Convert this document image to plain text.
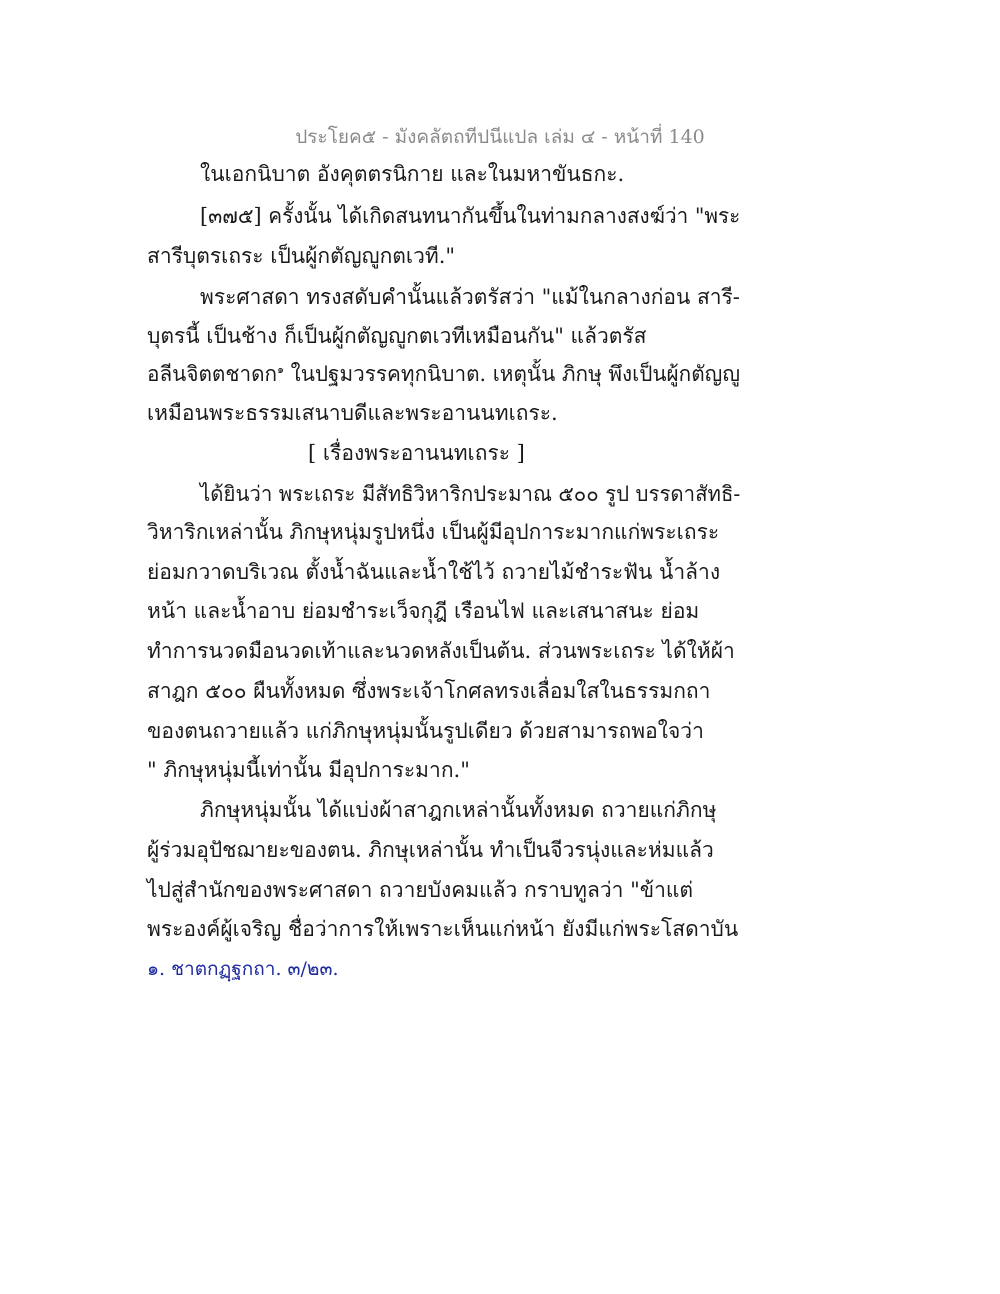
ประโยค๕ - มังคลัตถทีปนีแปล เล่ม ๔ - หน้าที่ 140
ในเอกนิบาต อังคุตตรนิกาย และในมหาขันธกะ.
[๓๗๕] ครั้งนั้น ได้เกิดสนทนากันขึ้นในท่ามกลางสงฆ์ว่า "พระ
สารีบุตรเถระ เป็นผู้กตัญญูกตเวที."
พระศาสดา ทรงสดับคำนั้นแล้วตรัสว่า "แม้ในกลางก่อน สารี-
บุตรนี้ เป็นช้าง ก็เป็นผู้กตัญญูกตเวทีเหมือนกัน" แล้วตรัส
อลีนจิตตชาดก$^๑$ ในปฐมวรรคทุกนิบาต. เหตุนั้น ภิกษุ พึงเป็นผู้กตัญญู
เหมือนพระธรรมเสนาบดีและพระอานนทเถระ.
[ เรื่องพระอานนทเถระ ]
ได้ยินว่า พระเถระ มีสัทธิวิหาริกประมาณ ๕๐๐ รูป บรรดาสัทธิ-
วิหาริกเหล่านั้น ภิกษุหนุ่มรูปหนึ่ง เป็นผู้มีอุปการะมากแก่พระเถระ
ย่อมกวาดบริเวณ ตั้งน้ำฉันและน้ำใช้ไว้ ถวายไม้ชำระฟัน น้ำล้าง
หน้า และน้ำอาบ ย่อมชำระเว็จกุฎี เรือนไฟ และเสนาสนะ ย่อม
ทำการนวดมือนวดเท้าและนวดหลังเป็นต้น. ส่วนพระเถระ ได้ให้ผ้า
สาฎก ๕๐๐ ผืนทั้งหมด ซึ่งพระเจ้าโกศลทรงเลื่อมใสในธรรมกถา
ของตนถวายแล้ว แก่ภิกษุหนุ่มนั้นรูปเดียว ด้วยสามารถพอใจว่า
" ภิกษุหนุ่มนี้เท่านั้น มีอุปการะมาก."
ภิกษุหนุ่มนั้น ได้แบ่งผ้าสาฎกเหล่านั้นทั้งหมด ถวายแก่ภิกษุ
ผู้ร่วมอุปัชฌายะของตน. ภิกษุเหล่านั้น ทำเป็นจีวรนุ่งและห่มแล้ว
ไปสู่สำนักของพระศาสดา ถวายบังคมแล้ว กราบทูลว่า "ข้าแต่
พระองค์ผู้เจริญ ชื่อว่าการให้เพราะเห็นแก่หน้า ยังมีแก่พระโสดาบัน
๑. ชาตกฏฺฐกถา. ๓/๒๓.
